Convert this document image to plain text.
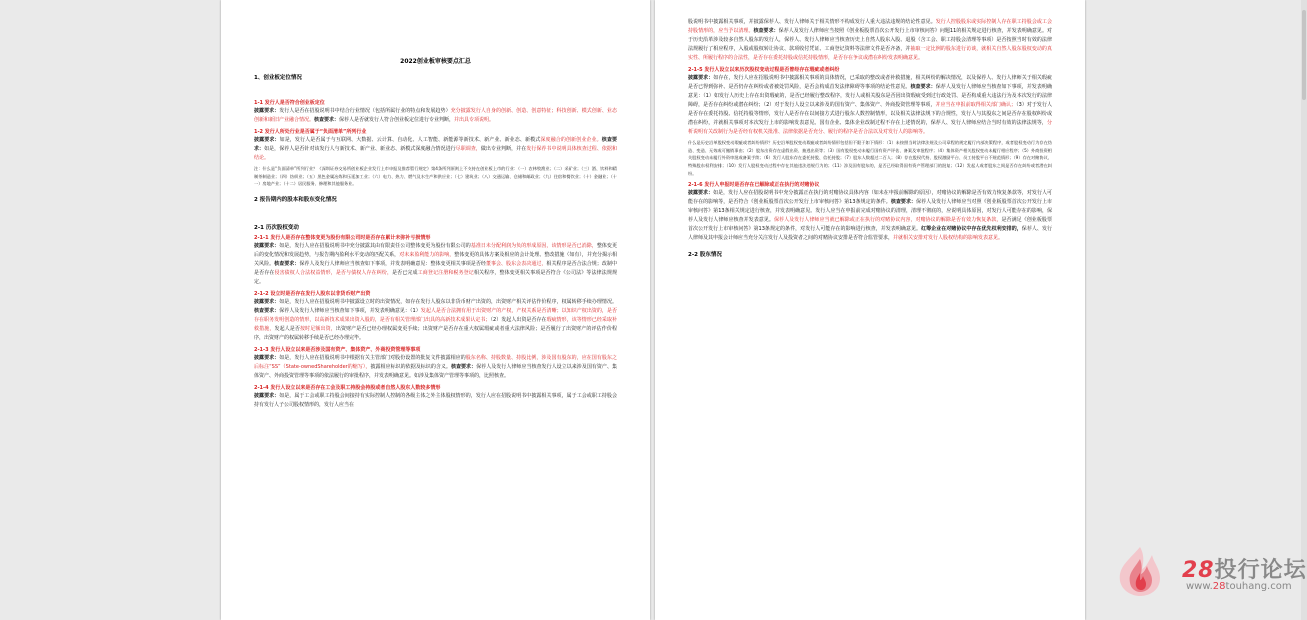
2022创业板审核要点汇总
1、创业板定位情况
1-1 发行人是否符合创业板定位

披露要求：发行人是否在招股说明书中结合行业情况（包括所属行业的特点和发展趋势）充分披露发行人自身的创新、创造、创意特征；科技创新、模式创新、业态创新和新旧产业融合情况。核查要求：保荐人是否就发行人符合创业板定位进行专业判断，并出具专项说明。

1-2 发行人所处行业是否属于“负面清单”所列行业

披露要求：如是，发行人是否属于与互联网、大数据、云计算、自动化、人工智能、新能源等新技术、新产业、新业态、新模式深度融合的创新创业企业。核查要求：如是，保荐人是否针对该发行人与新技术、新产业、新业态、新模式深度融合情况进行尽职调查，做出专业判断，并在发行保荐书中说明具体核查过程、依据和结论。

注：什么是“负面清单”所列行业？《深圳证券交易所创业板企业发行上市申报及推荐暂行规定》第4条所列原则上不支持在创业板上市的行业：（一）农林牧渔业；（二）采矿业；（三）酒、饮料和精制茶制造业；（四）纺织业；（五）黑色金属冶炼和压延加工业；（六）电力、热力、燃气及水生产和供应业；（七）建筑业；（八）交通运输、仓储和邮政业；（九）住宿和餐饮业；（十）金融业；（十一）房地产业；（十二）居民服务、修理和其他服务业。

2 报告期内的股本和股东变化情况
2-1 历次股权变动
2-1-1 发行人是否存在整体变更为股份有限公司时是否存在累计未弥补亏损情形

披露要求：如是，发行人应在招股说明书中充分披露其由有限责任公司整体变更为股份有限公司的基准日未分配利润为负的形成原因，该情形是否已消除，整体变更后的变化情况和发展趋势，与报告期内盈利水平变动的匹配关系，对未来盈利能力的影响，整体变更的具体方案及相应的会计处理、整改措施（如有），并充分揭示相关风险。核查要求：保荐人及发行人律师应当核查如下事项，并发表明确意见：整体变更相关事项是否经董事会、股东会表决通过，相关程序是否合法合规；改制中是否存在侵害债权人合法权益情形，是否与债权人存在纠纷，是否已完成工商登记注册和税务登记相关程序，整体变更相关事项是否符合《公司法》等法律法规规定。

2-1-2 设立时是否存在发行人股东以非货币财产出资

披露要求：如是，发行人应在招股说明书中披露设立时的出资情况，如存在发行人股东以非货币财产出资的，出资财产相关评估作价程序，权属转移手续办理情况。核查要求：保荐人及发行人律师应当核查如下事项，并发表明确意见：（1）发起人是否合法拥有用于出资财产的产权，产权关系是否清晰；以知识产权出资的，是否存在职务发明创造的情形，以高新技术成果出资入股的，是否有相关管理部门出具的高新技术成果认定书；（2）发起人出资是否存在瑕疵情形，该等情形已经采取补救措施，发起人是否按时足额出资，出资财产是否已经办理权属变更手续；出资财产是否存在重大权属瑕疵或者重大法律风险；是否履行了出资财产的评估作价程序，出资财产的权属转移手续是否已经办理完毕。

2-1-3 发行人设立以来是否涉及国有资产、集体资产、外商投资管理等事项

披露要求：如是，发行人应在招股说明书中根据有关主管部门对股份设置的批复文件披露相应的股东名称、持股数量、持股比例，涉及国有股东的，应在国有股东之后标注“SS”（State-ownedShareholder的缩写），披露相应标识的依据及标识的含义。核查要求：保荐人及发行人律师应当核查发行人设立以来涉及国有资产、集体资产、外商投资管理等事项的依法履行的审批程序，并发表明确意见。如涉及集体资产管理等事项的，比照核查。

2-1-4 发行人设立以来是否存在工会及职工持股会持股或者自然人股东人数较多情形

披露要求：如是，属于工会或职工持股会间接持有实际控制人控制的各级主体之外主体股权情形的，发行人应在招股说明书中披露相关事项，属于工会或职工持股会持有发行人子公司股权情形的，发行人应当在

股说明书中披露相关事项，并披露保荐人、发行人律师关于相关情形不构成发行人重大违法违规的结论性意见。发行人控股股东或实际控制人存在职工持股会或工会持股情形的，应当予以清理。核查要求：保荐人及发行人律师应当按照《创业板股票首次公开发行上市审核问答》问题11的相关规定进行核查，并发表明确意见。对于历史沿革涉及较多自然人股东的发行人，保荐人、发行人律师应当核查历史上自然人股东入股、退股（含工会、职工持股会清理等事项）是否按照当时有效的法律法规履行了相应程序，入股或股权转让协议、款项收付凭证、工商登记资料等法律文件是否齐备，并抽取一定比例的股东进行访谈，就相关自然人股东股权变动的真实性、所履行程序的合法性，是否存在委托持股或信托持股情形，是否存在争议或潜在纠纷发表明确意见。

2-1-5 发行人设立以来历次股权变动过程是否曾经存在瑕疵或者纠纷

披露要求：如存在，发行人应在招股说明书中披露相关事项的具体情况，已采取的整改或者补救措施，相关纠纷的解决情况，以及保荐人、发行人律师关于相关瑕疵是否已得到弥补、是否仍存在纠纷或者被处罚风险，是否会构成首发法律障碍等事项的结论性意见。核查要求：保荐人及发行人律师应当核查如下事项，并发表明确意见：（1）如发行人历史上存在出资瑕疵的，是否已经履行整改程序，发行人或相关股东是否因出资瑕疵受到过行政处罚、是否构成重大违法行为及本次发行的法律障碍，是否存在纠纷或潜在纠纷；（2）对于发行人设立以来涉及的国有资产、集体资产、外商投资管理等事项，并应当在申报前取得相关部门确认；（3）对于发行人是否存在委托持股、信托持股等情形，发行人是否存在以间接方式进行股东人数控制情形，以及相关法律法规下的合规性，发行人与其股东之间是否存在股权纠纷或潜在纠纷，并就相关事项对本次发行上市的影响发表意见。国有企业、集体企业改制过程不存在上述情况的，保荐人、发行人律师应结合当时有效的法律法规等，分析说明有关改制行为是否经有权机关批准、法律依据是否充分、履行的程序是否合法以及对发行人的影响等。

什么是历史沿革股权变动瑕疵或者纠纷情形？历史沿革股权变动瑕疵或者纠纷情形包括但不限于如下情形：（1）未按照当时法律法规及公司章程的规定履行内部决策程序，或者股权变动行为存在伪造、变造、无效或可撤销事由；（2）股东出资存在虚假出资、抽逃出资等；（3）国有股权变动未履行国有资产评估、备案及审批程序；（4）集体资产相关股权变动未履行相应程序；（5）外商投资相关股权变动未履行外资审批或备案手续；（6）发行人股东存在委托持股、信托持股；（7）股东人数超过二百人；（8）存在股权代持、股权激励平台、员工持股平台不规范情形；（9）存在对赌协议、特殊股东权利安排；（10）发行人股权变动过程中存在其他违法违规行为的；（11）涉及国有股东的，是否已经取得国有资产管理部门的批复；（12）发起人或者股东之间是否存在纠纷或者潜在纠纷。

2-1-6 发行人申报时是否存在已解除或正在执行的对赌协议

披露要求：如是，发行人应在招股说明书中充分披露正在执行的对赌协议具体内容（如未在申报前解除的原因），对赌协议的解除是否有效力恢复条款等，对发行人可能存在的影响等，是否符合《创业板股票首次公开发行上市审核问答》第13条规定的条件。核查要求：保荐人及发行人律师应当对照《创业板股票首次公开发行上市审核问答》第13条相关规定进行核查，并发表明确意见。发行人应当在申报前完成对赌协议的清理，清理不彻底的，应说明具体原因，对发行人可能存在的影响，保荐人及发行人律师应核查并发表意见。保荐人及发行人律师应当就已解除或正在执行的对赌协议内容，对赌协议的解除是否有效力恢复条款，是否满足《创业板股票首次公开发行上市审核问答》第13条规定的条件，对发行人可能存在的影响进行核查，并发表明确意见。红筹企业在对赌协议中存在优先权利安排的，保荐人、发行人律师及其申报会计师应当充分关注发行人及投资者之间的对赌协议安排是否符合监管要求，并就相关安排对发行人股权结构的影响发表意见。

2-2 股东情况
28投行论坛
www.28touhang.com
